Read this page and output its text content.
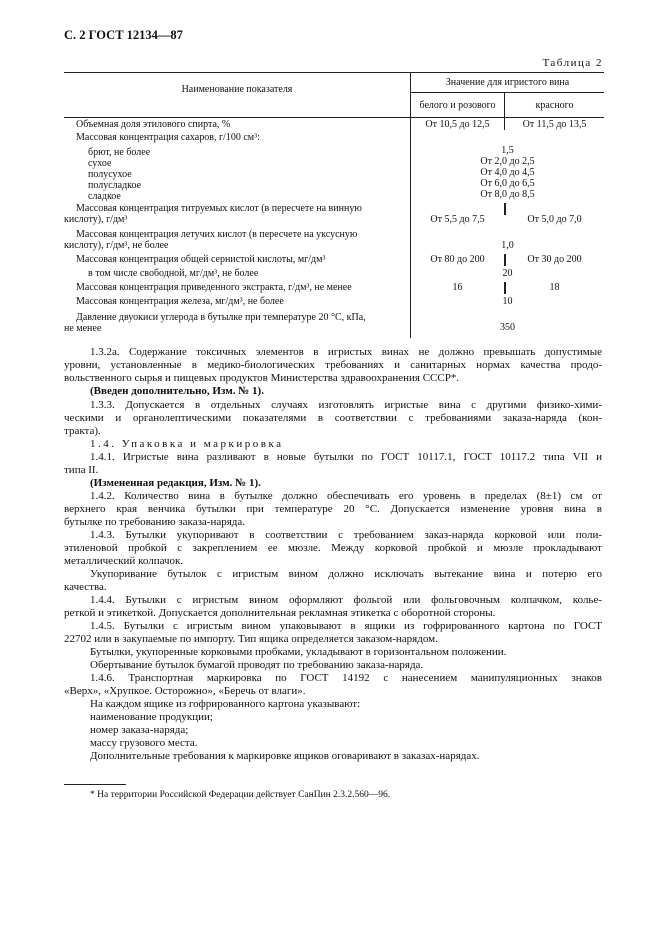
С. 2 ГОСТ 12134—87
Таблица 2
Наименование показателя
Значение для игристого вина
белого и розового	красного
Объемная доля этилового спирта, %	От 10,5 до 12,5	От 11,5 до 13,5
Массовая концентрация сахаров, г/100 см³:
брют, не более	1,5
сухое	От 2,0 до 2,5
полусухое	От 4,0 до 4,5
полусладкое	От 6,0 до 6,5
сладкое	От 8,0 до 8,5
Массовая концентрация титруемых кислот (в пересчете на винную
кислоту), г/дм³	От 5,5 до 7,5	От 5,0 до 7,0
Массовая концентрация летучих кислот (в пересчете на уксусную
кислоту), г/дм³, не более	1,0
Массовая концентрация общей сернистой кислоты, мг/дм³	От 80 до 200	От 30 до 200
в том числе свободной, мг/дм³, не более	20
Массовая концентрация приведенного экстракта, г/дм³, не менее	16	18
Массовая концентрация железа, мг/дм³, не более	10
Давление двуокиси углерода в бутылке при температуре 20 °С, кПа,
не менее	350
1.3.2а. Содержание токсичных элементов в игристых винах не должно превышать допустимые
уровни, установленные в медико-биологических требованиях и санитарных нормах качества продо-
вольственного сырья и пищевых продуктов Министерства здравоохранения СССР*.
(Введен дополнительно, Изм. № 1).
1.3.3. Допускается в отдельных случаях изготовлять игристые вина с другими физико-хими-
ческими и органолептическими показателями в соответствии с требованиями заказа-наряда (кон-
тракта).
1.4. Упаковка и маркировка
1.4.1. Игристые вина разливают в новые бутылки по ГОСТ 10117.1, ГОСТ 10117.2 типа VII и
типа II.
(Измененная редакция, Изм. № 1).
1.4.2. Количество вина в бутылке должно обеспечивать его уровень в пределах (8±1) см от
верхнего края венчика бутылки при температуре 20 °С. Допускается изменение уровня вина в
бутылке по требованию заказа-наряда.
1.4.3. Бутылки укупоривают в соответствии с требованием заказ-наряда корковой или поли-
этиленовой пробкой с закреплением ее мюзле. Между корковой пробкой и мюзле прокладывают
металлический колпачок.
Укупоривание бутылок с игристым вином должно исключать вытекание вина и потерю его
качества.
1.4.4. Бутылки с игристым вином оформляют фольгой или фольговочным колпачком, колье-
реткой и этикеткой. Допускается дополнительная рекламная этикетка с оборотной стороны.
1.4.5. Бутылки с игристым вином упаковывают в ящики из гофрированного картона по ГОСТ
22702 или в закупаемые по импорту. Тип ящика определяется заказом-нарядом.
Бутылки, укупоренные корковыми пробками, укладывают в горизонтальном положении.
Обертывание бутылок бумагой проводят по требованию заказа-наряда.
1.4.6. Транспортная маркировка по ГОСТ 14192 с нанесением манипуляционных знаков
«Верх», «Хрупкое. Осторожно», «Беречь от влаги».
На каждом ящике из гофрированного картона указывают:
наименование продукции;
номер заказа-наряда;
массу грузового места.
Дополнительные требования к маркировке ящиков оговаривают в заказах-нарядах.
* На территории Российской Федерации действует СанПин 2.3.2.560—96.
